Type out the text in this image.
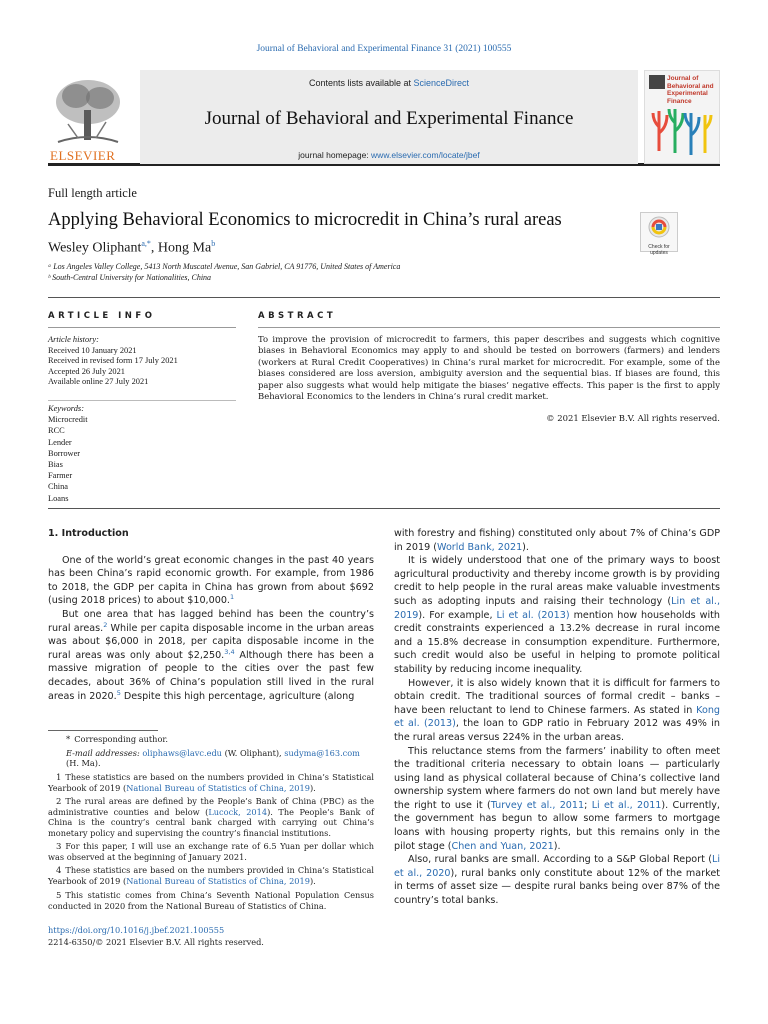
Journal of Behavioral and Experimental Finance 31 (2021) 100555
ELSEVIER
Contents lists available at ScienceDirect
Journal of Behavioral and Experimental Finance
journal homepage: www.elsevier.com/locate/jbef
Journal of Behavioral and Experimental Finance
Full length article
Applying Behavioral Economics to microcredit in China’s rural areas
Wesley Oliphant$^{a,*}$, Hong Ma$^b$	Check for updates
ᵃ Los Angeles Valley College, 5413 North Muscatel Avenue, San Gabriel, CA 91776, United States of America
ᵇ South-Central University for Nationalities, China
ARTICLE INFO	ABSTRACT
Article history:
Received 10 January 2021
Received in revised form 17 July 2021
Accepted 26 July 2021
Available online 27 July 2021
Keywords:
Microcredit
RCC
Lender
Borrower
Bias
Farmer
China
Loans
To improve the provision of microcredit to farmers, this paper describes and suggests which cognitive biases in Behavioral Economics may apply to and should be tested on borrowers (farmers) and lenders (workers at Rural Credit Cooperatives) in China’s rural market for microcredit. For example, some of the biases considered are loss aversion, ambiguity aversion and the sequential bias. If biases are found, this paper also suggests what would help mitigate the biases’ negative effects. This paper is the first to apply Behavioral Economics to the lenders in China’s rural credit market.
© 2021 Elsevier B.V. All rights reserved.
1. Introduction

One of the world’s great economic changes in the past 40 years has been China’s rapid economic growth. For example, from 1986 to 2018, the GDP per capita in China has grown from about $692 (using 2018 prices) to about $10,000.$^1$

But one area that has lagged behind has been the country’s rural areas.$^2$ While per capita disposable income in the urban areas was about $6,000 in 2018, per capita disposable income in the rural areas was only about $2,250.$^{3,4}$ Although there has been a massive migration of people to the cities over the past few decades, about 36% of China’s population still lived in the rural areas in 2020.$^5$ Despite this high percentage, agriculture (along

* Corresponding author.
E-mail addresses: oliphaws@lavc.edu (W. Oliphant), sudyma@163.com
(H. Ma).
1 These statistics are based on the numbers provided in China’s Statistical Yearbook of 2019 (National Bureau of Statistics of China, 2019).
2 The rural areas are defined by the People’s Bank of China (PBC) as the administrative counties and below (Lucock, 2014). The People’s Bank of China is the country’s central bank charged with carrying out China’s monetary policy and supervising the country’s financial institutions.
3 For this paper, I will use an exchange rate of 6.5 Yuan per dollar which was observed at the beginning of January 2021.
4 These statistics are based on the numbers provided in China’s Statistical Yearbook of 2019 (National Bureau of Statistics of China, 2019).
5 This statistic comes from China’s Seventh National Population Census conducted in 2020 from the National Bureau of Statistics of China.
https://doi.org/10.1016/j.jbef.2021.100555
2214-6350/© 2021 Elsevier B.V. All rights reserved.

with forestry and fishing) constituted only about 7% of China’s GDP in 2019 (World Bank, 2021).

It is widely understood that one of the primary ways to boost agricultural productivity and thereby income growth is by providing credit to help people in the rural areas make valuable investments such as adopting inputs and raising their technology (Lin et al., 2019). For example, Li et al. (2013) mention how households with credit constraints experienced a 13.2% decrease in rural income and a 15.8% decrease in consumption expenditure. Furthermore, such credit would also be useful in helping to promote political stability by reducing income inequality.

However, it is also widely known that it is difficult for farmers to obtain credit. The traditional sources of formal credit – banks – have been reluctant to lend to Chinese farmers. As stated in Kong et al. (2013), the loan to GDP ratio in February 2012 was 49% in the rural areas versus 224% in the urban areas.

This reluctance stems from the farmers’ inability to often meet the traditional criteria necessary to obtain loans — particularly using land as physical collateral because of China’s collective land ownership system where farmers do not own land but merely have the right to use it (Turvey et al., 2011; Li et al., 2011). Currently, the government has begun to allow some farmers to mortgage loans with housing property rights, but this remains only in the pilot stage (Chen and Yuan, 2021).

Also, rural banks are small. According to a S&P Global Report (Li et al., 2020), rural banks only constitute about 12% of the market in terms of asset size — despite rural banks being over 87% of the country’s total banks.
